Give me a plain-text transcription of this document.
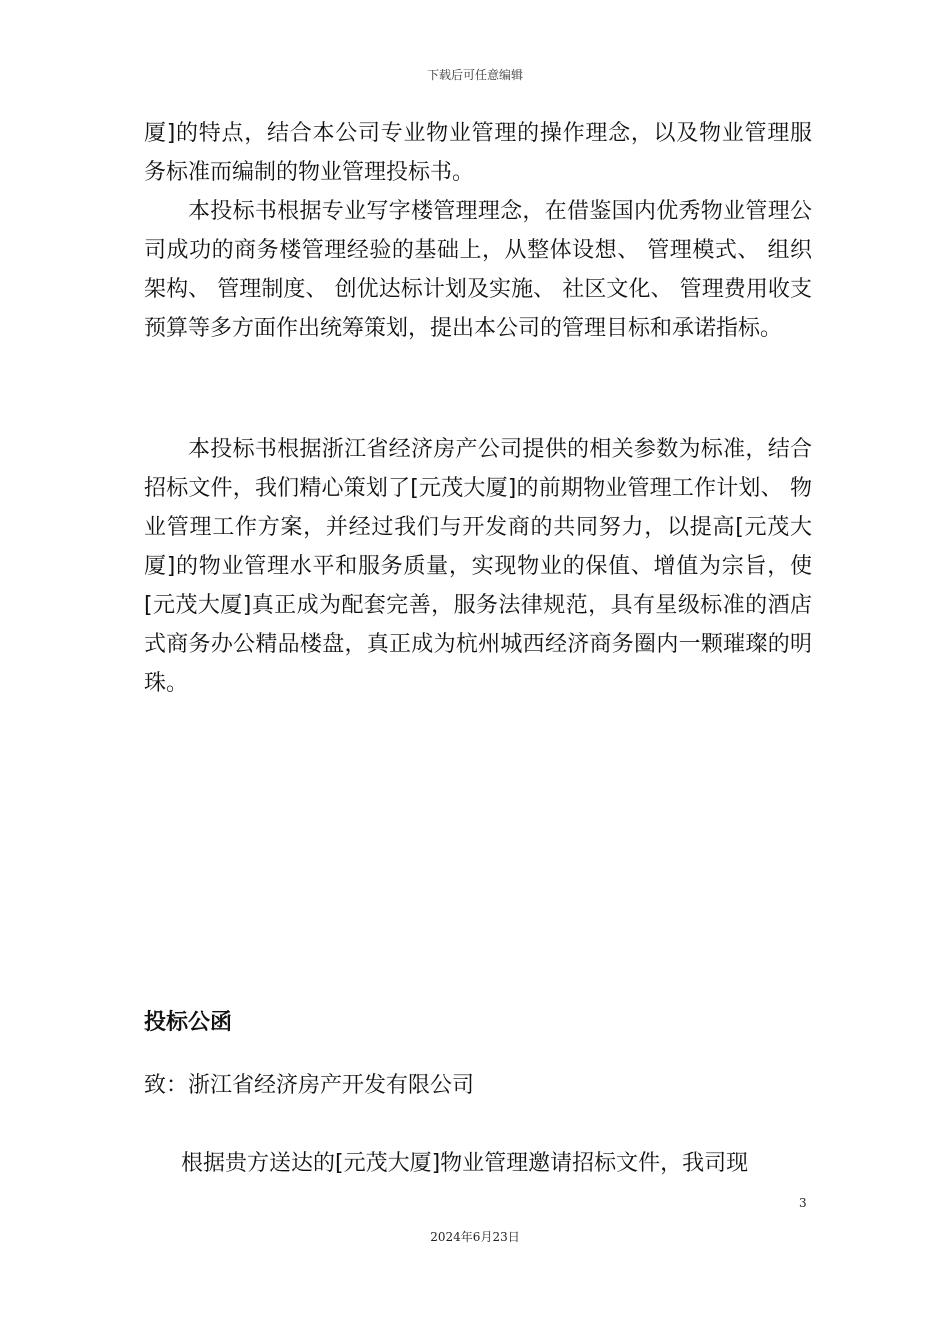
下载后可任意编辑

厦]的特点，结合本公司专业物业管理的操作理念，以及物业管理服务标准而编制的物业管理投标书。

本投标书根据专业写字楼管理理念，在借鉴国内优秀物业管理公司成功的商务楼管理经验的基础上，从整体设想、 管理模式、 组织架构、 管理制度、 创优达标计划及实施、 社区文化、 管理费用收支预算等多方面作出统筹策划，提出本公司的管理目标和承诺指标。

本投标书根据浙江省经济房产公司提供的相关参数为标准，结合招标文件，我们精心策划了[元茂大厦]的前期物业管理工作计划、 物业管理工作方案，并经过我们与开发商的共同努力，以提高[元茂大厦]的物业管理水平和服务质量，实现物业的保值、增值为宗旨，使[元茂大厦]真正成为配套完善，服务法律规范，具有星级标准的酒店式商务办公精品楼盘，真正成为杭州城西经济商务圈内一颗璀璨的明珠。

投标公函

致：浙江省经济房产开发有限公司

根据贵方送达的[元茂大厦]物业管理邀请招标文件，我司现

3
2024年6月23日
